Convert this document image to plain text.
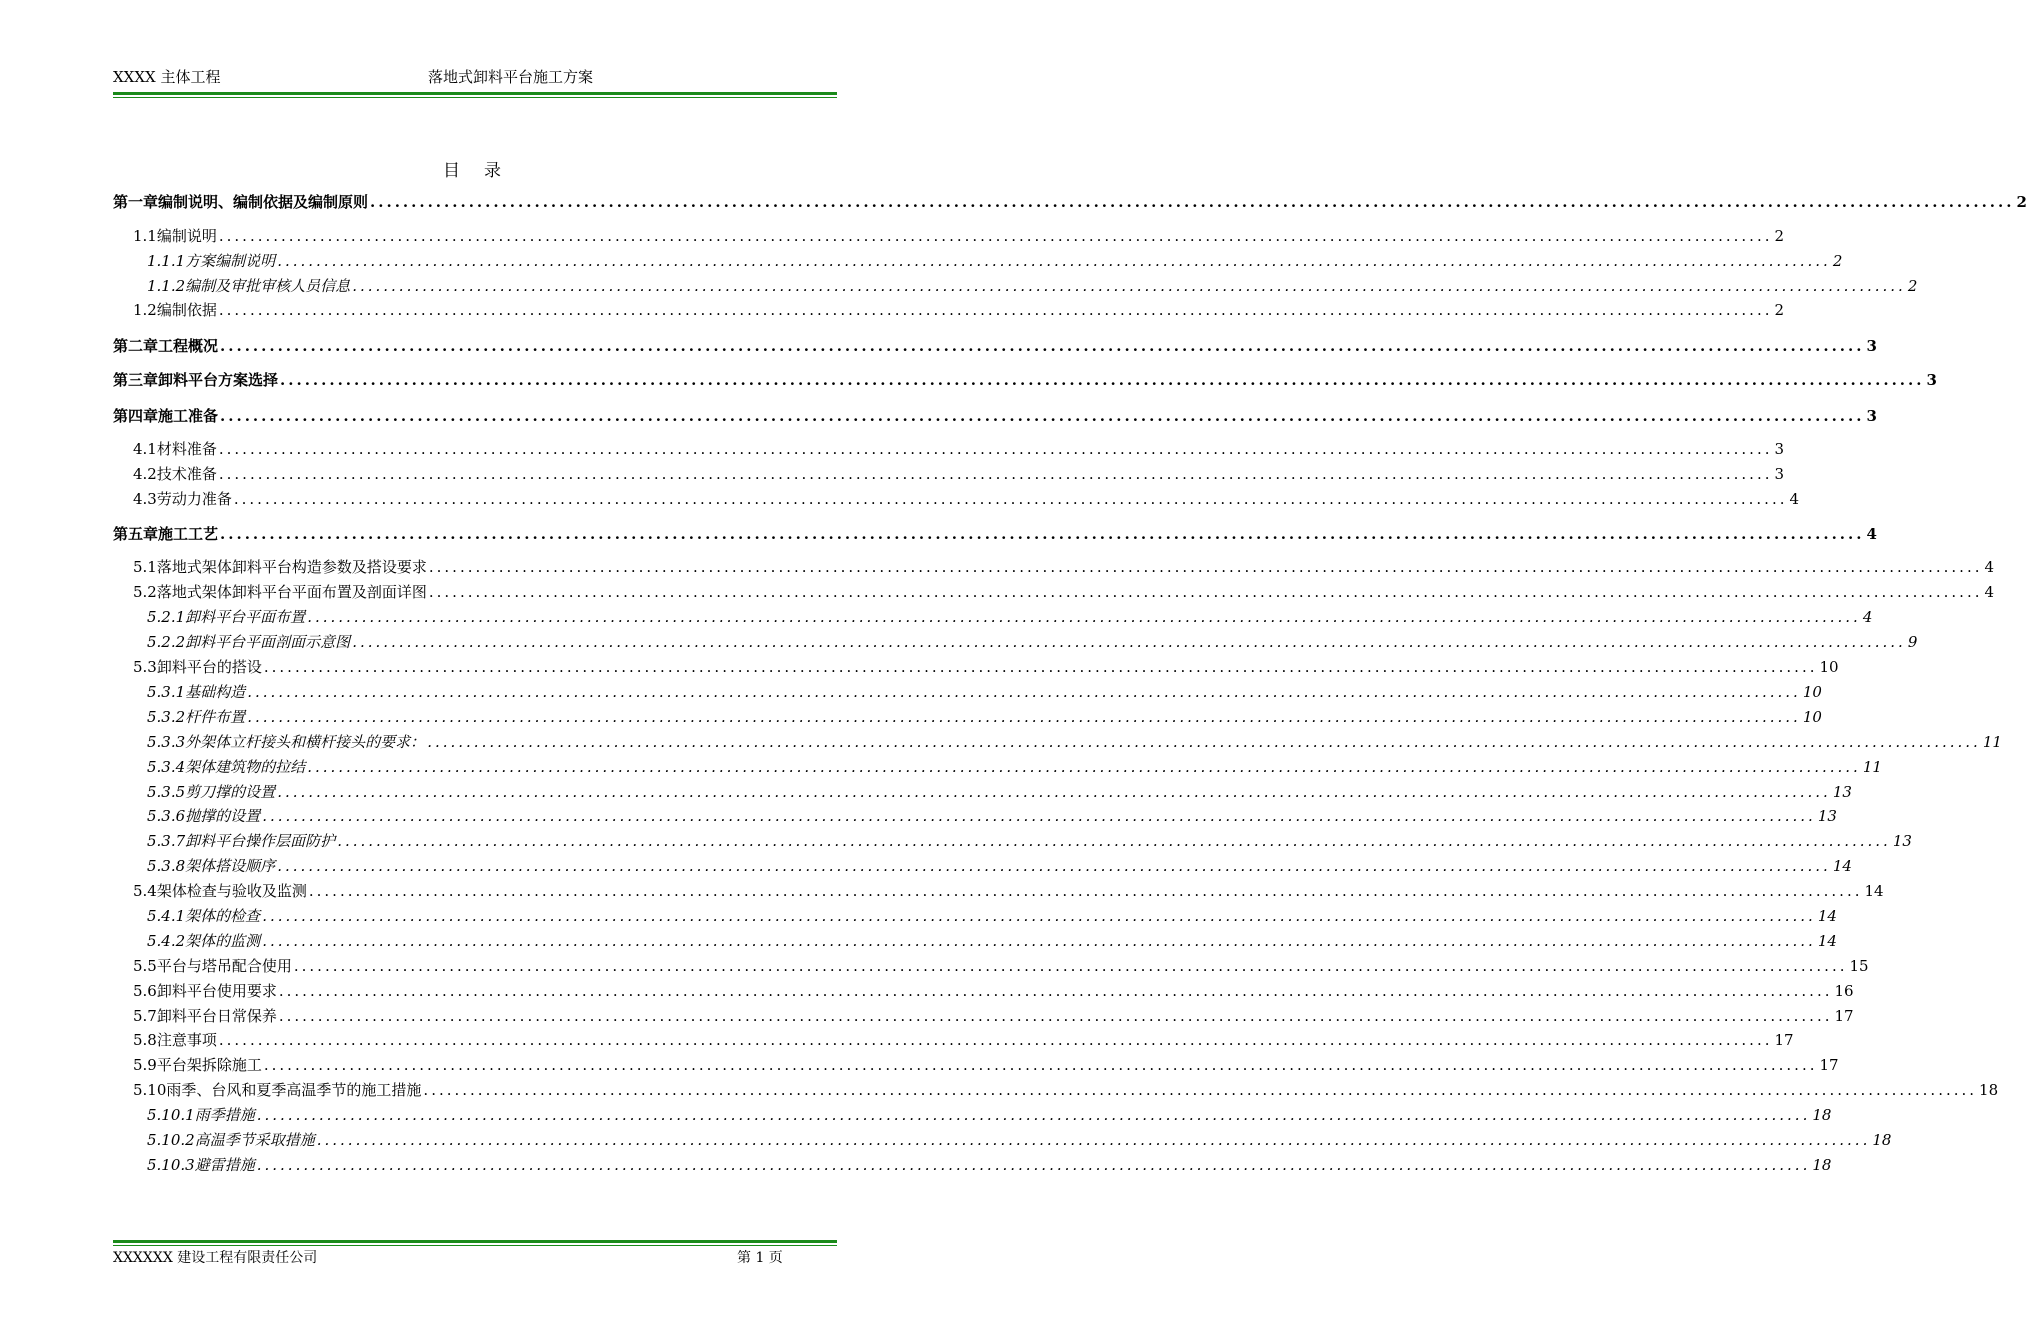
XXXX 主体工程	落地式卸料平台施工方案
目录
第一章 编制说明、编制依据及编制原则 ........................................................................................................................................................................................................ 2
1.1 编制说明 ........................................................................................................................................................................................................ 2
1.1.1 方案编制说明 ........................................................................................................................................................................................................ 2
1.1.2 编制及审批审核人员信息 ........................................................................................................................................................................................................ 2
1.2 编制依据 ........................................................................................................................................................................................................ 2
第二章 工程概况 ........................................................................................................................................................................................................ 3
第三章 卸料平台方案选择 ........................................................................................................................................................................................................ 3
第四章 施工准备 ........................................................................................................................................................................................................ 3
4.1 材料准备 ........................................................................................................................................................................................................ 3
4.2 技术准备 ........................................................................................................................................................................................................ 3
4.3 劳动力准备 ........................................................................................................................................................................................................ 4
第五章 施工工艺 ........................................................................................................................................................................................................ 4
5.1 落地式架体卸料平台构造参数及搭设要求 ........................................................................................................................................................................................................ 4
5.2 落地式架体卸料平台平面布置及剖面详图 ........................................................................................................................................................................................................ 4
5.2.1 卸料平台平面布置 ........................................................................................................................................................................................................ 4
5.2.2 卸料平台平面剖面示意图 ........................................................................................................................................................................................................ 9
5.3 卸料平台的搭设 ........................................................................................................................................................................................................ 10
5.3.1 基础构造 ........................................................................................................................................................................................................ 10
5.3.2 杆件布置 ........................................................................................................................................................................................................ 10
5.3.3 外架体立杆接头和横杆接头的要求： ........................................................................................................................................................................................................ 11
5.3.4 架体建筑物的拉结 ........................................................................................................................................................................................................ 11
5.3.5 剪刀撑的设置 ........................................................................................................................................................................................................ 13
5.3.6 抛撑的设置 ........................................................................................................................................................................................................ 13
5.3.7 卸料平台操作层面防护 ........................................................................................................................................................................................................ 13
5.3.8 架体搭设顺序 ........................................................................................................................................................................................................ 14
5.4 架体检查与验收及监测 ........................................................................................................................................................................................................ 14
5.4.1 架体的检查 ........................................................................................................................................................................................................ 14
5.4.2 架体的监测 ........................................................................................................................................................................................................ 14
5.5 平台与塔吊配合使用 ........................................................................................................................................................................................................ 15
5.6 卸料平台使用要求 ........................................................................................................................................................................................................ 16
5.7 卸料平台日常保养 ........................................................................................................................................................................................................ 17
5.8 注意事项 ........................................................................................................................................................................................................ 17
5.9 平台架拆除施工 ........................................................................................................................................................................................................ 17
5.10 雨季、台风和夏季高温季节的施工措施 ........................................................................................................................................................................................................ 18
5.10.1 雨季措施 ........................................................................................................................................................................................................ 18
5.10.2 高温季节采取措施 ........................................................................................................................................................................................................ 18
5.10.3 避雷措施 ........................................................................................................................................................................................................ 18
XXXXXX 建设工程有限责任公司	第 1 页
